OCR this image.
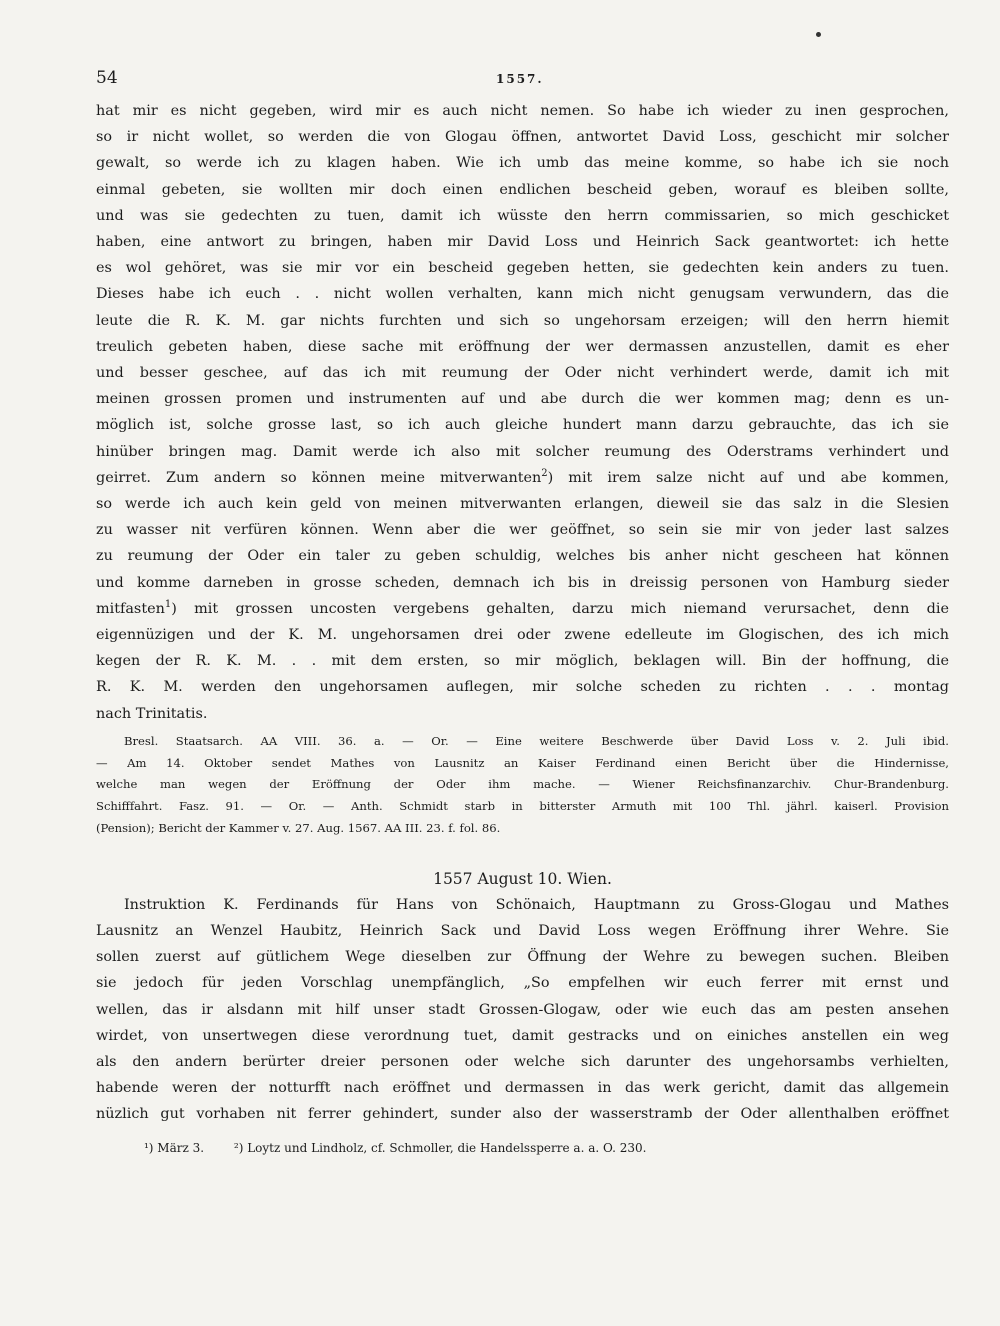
54	1557.
hat mir es nicht gegeben, wird mir es auch nicht nemen. So habe ich wieder zu inen gesprochen,
so ir nicht wollet, so werden die von Glogau öffnen, antwortet David Loss, geschicht mir solcher
gewalt, so werde ich zu klagen haben. Wie ich umb das meine komme, so habe ich sie noch
einmal gebeten, sie wollten mir doch einen endlichen bescheid geben, worauf es bleiben sollte,
und was sie gedechten zu tuen, damit ich wüsste den herrn commissarien, so mich geschicket
haben, eine antwort zu bringen, haben mir David Loss und Heinrich Sack geantwortet: ich hette
es wol gehöret, was sie mir vor ein bescheid gegeben hetten, sie gedechten kein anders zu tuen.
Dieses habe ich euch . . nicht wollen verhalten, kann mich nicht genugsam verwundern, das die
leute die R. K. M. gar nichts furchten und sich so ungehorsam erzeigen; will den herrn hiemit
treulich gebeten haben, diese sache mit eröffnung der wer dermassen anzustellen, damit es eher
und besser geschee, auf das ich mit reumung der Oder nicht verhindert werde, damit ich mit
meinen grossen promen und instrumenten auf und abe durch die wer kommen mag; denn es un-
möglich ist, solche grosse last, so ich auch gleiche hundert mann darzu gebrauchte, das ich sie
hinüber bringen mag. Damit werde ich also mit solcher reumung des Oderstrams verhindert und
geirret. Zum andern so können meine mitverwanten$^2$) mit irem salze nicht auf und abe kommen,
so werde ich auch kein geld von meinen mitverwanten erlangen, dieweil sie das salz in die Slesien
zu wasser nit verfüren können. Wenn aber die wer geöffnet, so sein sie mir von jeder last salzes
zu reumung der Oder ein taler zu geben schuldig, welches bis anher nicht gescheen hat können
und komme darneben in grosse scheden, demnach ich bis in dreissig personen von Hamburg sieder
mitfasten$^1$) mit grossen uncosten vergebens gehalten, darzu mich niemand verursachet, denn die
eigennüzigen und der K. M. ungehorsamen drei oder zwene edelleute im Glogischen, des ich mich
kegen der R. K. M. . . mit dem ersten, so mir möglich, beklagen will. Bin der hoffnung, die
R. K. M. werden den ungehorsamen auflegen, mir solche scheden zu richten . . . montag
nach Trinitatis.
Bresl. Staatsarch. AA VIII. 36. a. — Or. — Eine weitere Beschwerde über David Loss v. 2. Juli ibid.
— Am 14. Oktober sendet Mathes von Lausnitz an Kaiser Ferdinand einen Bericht über die Hindernisse,
welche man wegen der Eröffnung der Oder ihm mache. — Wiener Reichsfinanzarchiv. Chur-Brandenburg.
Schifffahrt. Fasz. 91. — Or. — Anth. Schmidt starb in bitterster Armuth mit 100 Thl. jährl. kaiserl. Provision
(Pension); Bericht der Kammer v. 27. Aug. 1567. AA III. 23. f. fol. 86.
1557 August 10. Wien.
Instruktion K. Ferdinands für Hans von Schönaich, Hauptmann zu Gross-Glogau und Mathes
Lausnitz an Wenzel Haubitz, Heinrich Sack und David Loss wegen Eröffnung ihrer Wehre. Sie
sollen zuerst auf gütlichem Wege dieselben zur Öffnung der Wehre zu bewegen suchen. Bleiben
sie jedoch für jeden Vorschlag unempfänglich, „So empfelhen wir euch ferrer mit ernst und
wellen, das ir alsdann mit hilf unser stadt Grossen-Glogaw, oder wie euch das am pesten ansehen
wirdet, von unsertwegen diese verordnung tuet, damit gestracks und on einiches anstellen ein weg
als den andern berürter dreier personen oder welche sich darunter des ungehorsambs verhielten,
habende weren der notturfft nach eröffnet und dermassen in das werk gericht, damit das allgemein
nüzlich gut vorhaben nit ferrer gehindert, sunder also der wasserstramb der Oder allenthalben eröffnet
¹) März 3. ²) Loytz und Lindholz, cf. Schmoller, die Handelssperre a. a. O. 230.
